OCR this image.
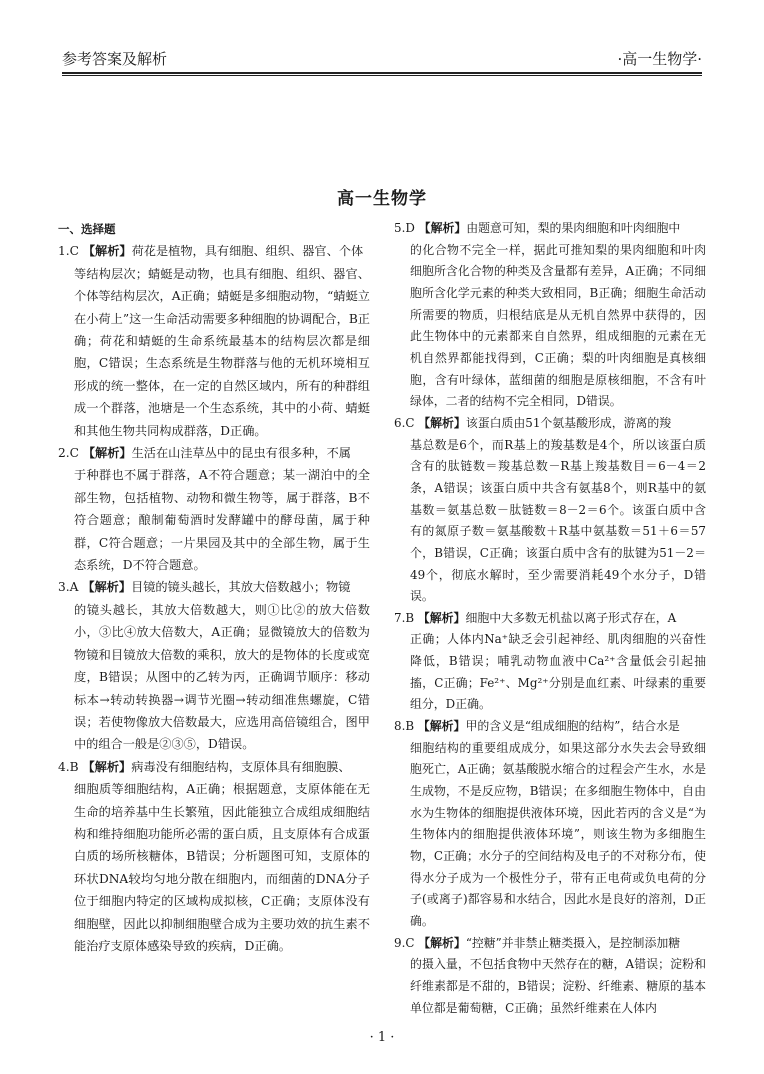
参考答案及解析	·高一生物学·
高一生物学
一、选择题

1.C 【解析】荷花是植物，具有细胞、组织、器官、个体

等结构层次；蜻蜓是动物，也具有细胞、组织、器官、个体等结构层次，A正确；蜻蜓是多细胞动物，“蜻蜓立在小荷上”这一生命活动需要多种细胞的协调配合，B正确；荷花和蜻蜓的生命系统最基本的结构层次都是细胞，C错误；生态系统是生物群落与他的无机环境相互形成的统一整体，在一定的自然区域内，所有的种群组成一个群落，池塘是一个生态系统，其中的小荷、蜻蜓和其他生物共同构成群落，D正确。

2.C 【解析】生活在山洼草丛中的昆虫有很多种，不属

于种群也不属于群落，A不符合题意；某一湖泊中的全部生物，包括植物、动物和微生物等，属于群落，B不符合题意；酿制葡萄酒时发酵罐中的酵母菌，属于种群，C符合题意；一片果园及其中的全部生物，属于生态系统，D不符合题意。

3.A 【解析】目镜的镜头越长，其放大倍数越小；物镜

的镜头越长，其放大倍数越大，则①比②的放大倍数小，③比④放大倍数大，A正确；显微镜放大的倍数为物镜和目镜放大倍数的乘积，放大的是物体的长度或宽度，B错误；从图中的乙转为丙，正确调节顺序：移动标本→转动转换器→调节光圈→转动细准焦螺旋，C错误；若使物像放大倍数最大，应选用高倍镜组合，图甲中的组合一般是②③⑤，D错误。

4.B 【解析】病毒没有细胞结构，支原体具有细胞膜、

细胞质等细胞结构，A正确；根据题意，支原体能在无生命的培养基中生长繁殖，因此能独立合成组成细胞结构和维持细胞功能所必需的蛋白质，且支原体有合成蛋白质的场所核糖体，B错误；分析题图可知，支原体的环状DNA较均匀地分散在细胞内，而细菌的DNA分子位于细胞内特定的区域构成拟核，C正确；支原体没有细胞壁，因此以抑制细胞壁合成为主要功效的抗生素不能治疗支原体感染导致的疾病，D正确。

5.D 【解析】由题意可知，梨的果肉细胞和叶肉细胞中

的化合物不完全一样，据此可推知梨的果肉细胞和叶肉细胞所含化合物的种类及含量都有差异，A正确；不同细胞所含化学元素的种类大致相同，B正确；细胞生命活动所需要的物质，归根结底是从无机自然界中获得的，因此生物体中的元素都来自自然界，组成细胞的元素在无机自然界都能找得到，C正确；梨的叶肉细胞是真核细胞，含有叶绿体，蓝细菌的细胞是原核细胞，不含有叶绿体，二者的结构不完全相同，D错误。

6.C 【解析】该蛋白质由51个氨基酸形成，游离的羧

基总数是6个，而R基上的羧基数是4个，所以该蛋白质含有的肽链数＝羧基总数－R基上羧基数目＝6－4＝2条，A错误；该蛋白质中共含有氨基8个，则R基中的氨基数＝氨基总数－肽链数＝8－2＝6个。该蛋白质中含有的氮原子数＝氨基酸数＋R基中氨基数＝51＋6＝57个，B错误，C正确；该蛋白质中含有的肽键为51－2＝49个，彻底水解时，至少需要消耗49个水分子，D错误。

7.B 【解析】细胞中大多数无机盐以离子形式存在，A

正确；人体内Na⁺缺乏会引起神经、肌肉细胞的兴奋性降低，B错误；哺乳动物血液中Ca²⁺含量低会引起抽搐，C正确；Fe²⁺、Mg²⁺分别是血红素、叶绿素的重要组分，D正确。

8.B 【解析】甲的含义是“组成细胞的结构”，结合水是

细胞结构的重要组成成分，如果这部分水失去会导致细胞死亡，A正确；氨基酸脱水缩合的过程会产生水，水是生成物，不是反应物，B错误；在多细胞生物体中，自由水为生物体的细胞提供液体环境，因此若丙的含义是“为生物体内的细胞提供液体环境”，则该生物为多细胞生物，C正确；水分子的空间结构及电子的不对称分布，使得水分子成为一个极性分子，带有正电荷或负电荷的分子(或离子)都容易和水结合，因此水是良好的溶剂，D正确。

9.C 【解析】“控糖”并非禁止糖类摄入，是控制添加糖

的摄入量，不包括食物中天然存在的糖，A错误；淀粉和纤维素都是不甜的，B错误；淀粉、纤维素、糖原的基本单位都是葡萄糖，C正确；虽然纤维素在人体内

· 1 ·
